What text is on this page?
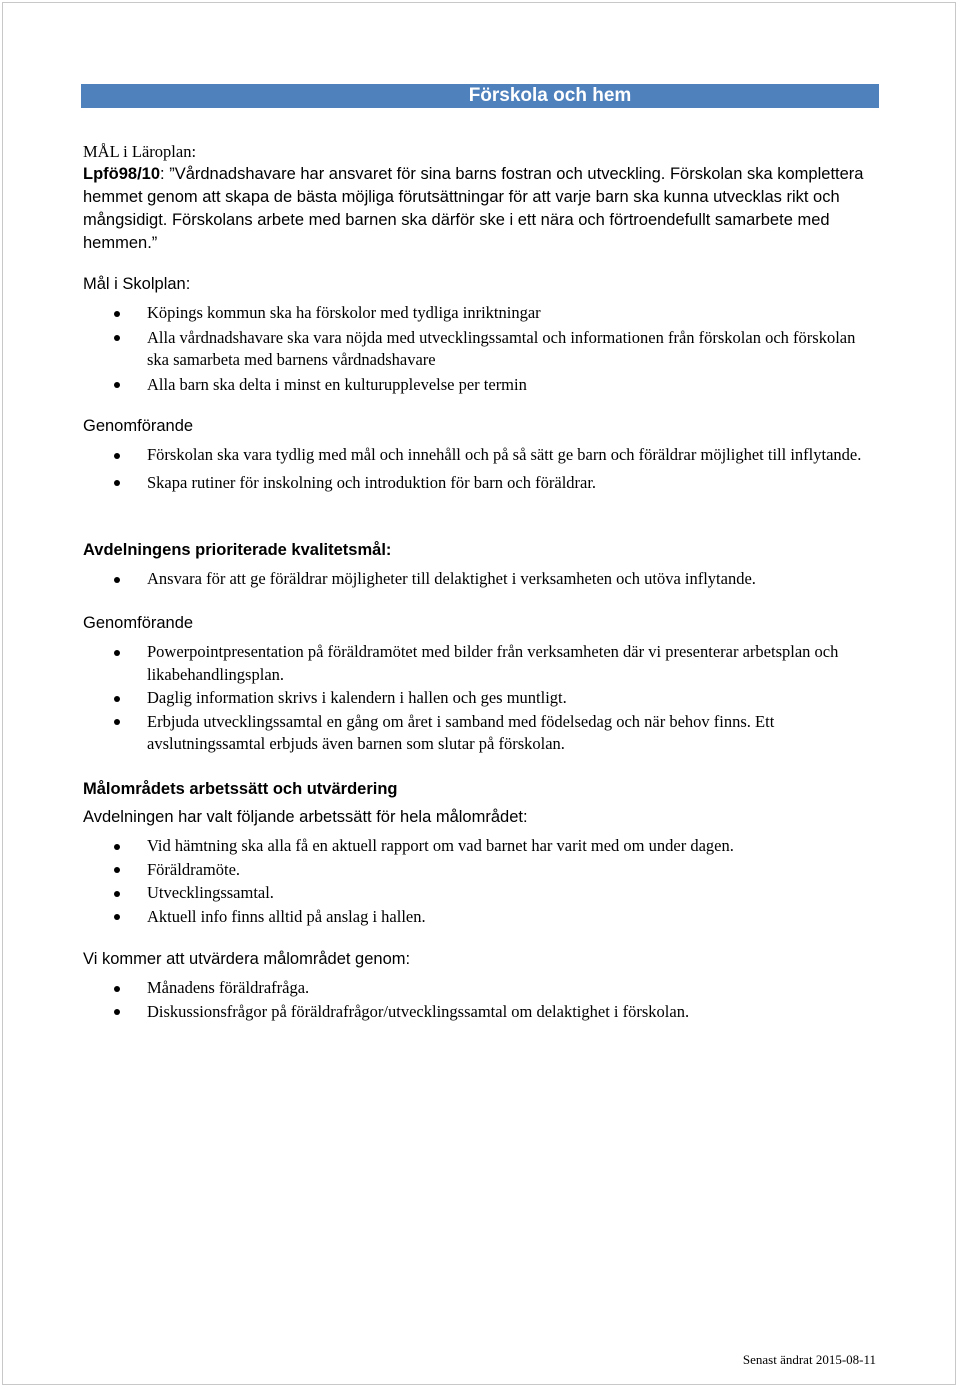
Förskola och hem

MÅL i Läroplan:

Lpfö98/10: ”Vårdnadshavare har ansvaret för sina barns fostran och utveckling. Förskolan ska komplettera hemmet genom att skapa de bästa möjliga förutsättningar för att varje barn ska kunna utvecklas rikt och mångsidigt. Förskolans arbete med barnen ska därför ske i ett nära och förtroendefullt samarbete med hemmen.”

Mål i Skolplan:

Köpings kommun ska ha förskolor med tydliga inriktningar
Alla vårdnadshavare ska vara nöjda med utvecklingssamtal och informationen från förskolan och förskolan ska samarbeta med barnens vårdnadshavare
Alla barn ska delta i minst en kulturupplevelse per termin

Genomförande

Förskolan ska vara tydlig med mål och innehåll och på så sätt ge barn och föräldrar möjlighet till inflytande.
Skapa rutiner för inskolning och introduktion för barn och föräldrar.

Avdelningens prioriterade kvalitetsmål:

Ansvara för att ge föräldrar möjligheter till delaktighet i verksamheten och utöva inflytande.

Genomförande

Powerpointpresentation på föräldramötet med bilder från verksamheten där vi presenterar arbetsplan och likabehandlingsplan.
Daglig information skrivs i kalendern i hallen och ges muntligt.
Erbjuda utvecklingssamtal en gång om året i samband med födelsedag och när behov finns. Ett avslutningssamtal erbjuds även barnen som slutar på förskolan.

Målområdets arbetssätt och utvärdering

Avdelningen har valt följande arbetssätt för hela målområdet:

Vid hämtning ska alla få en aktuell rapport om vad barnet har varit med om under dagen.
Föräldramöte.
Utvecklingssamtal.
Aktuell info finns alltid på anslag i hallen.

Vi kommer att utvärdera målområdet genom:

Månadens föräldrafråga.
Diskussionsfrågor på föräldrafrågor/utvecklingssamtal om delaktighet i förskolan.
Senast ändrat 2015-08-11
